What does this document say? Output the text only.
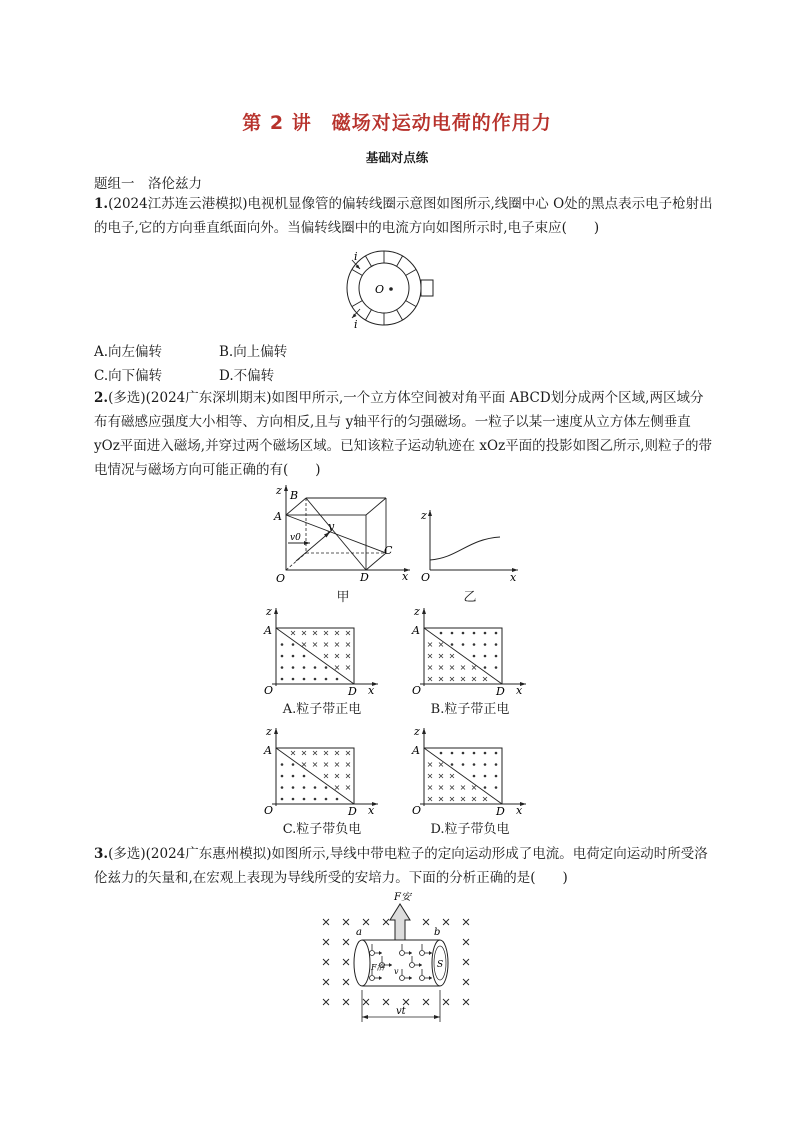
第 2 讲　磁场对运动电荷的作用力
基础对点练
题组一　洛伦兹力
1.(2024江苏连云港模拟)电视机显像管的偏转线圈示意图如图所示,线圈中心 O处的黑点表示电子枪射出的电子,它的方向垂直纸面向外。当偏转线圈中的电流方向如图所示时,电子束应(　　)
i
i
O
A.向左偏转	B.向上偏转
C.向下偏转	D.不偏转
2.(多选)(2024广东深圳期末)如图甲所示,一个立方体空间被对角平面 ABCD划分成两个区域,两区域分布有磁感应强度大小相等、方向相反,且与 y轴平行的匀强磁场。一粒子以某一速度从立方体左侧垂直 yOz平面进入磁场,并穿过两个磁场区域。已知该粒子运动轨迹在 xOz平面的投影如图乙所示,则粒子的带电情况与磁场方向可能正确的有(　　)
z
x
y
O
A
B
C
D
v0
z
x
O
甲	乙
z
x
O
A
D
z
x
O
A
D
z
x
O
A
D
z
x
O
A
D
A.粒子带正电	B.粒子带正电
C.粒子带负电	D.粒子带负电
3.(多选)(2024广东惠州模拟)如图所示,导线中带电粒子的定向运动形成了电流。电荷定向运动时所受洛伦兹力的矢量和,在宏观上表现为导线所受的安培力。下面的分析正确的是(　　)
F安
a	b
F洛 v
S
vt
